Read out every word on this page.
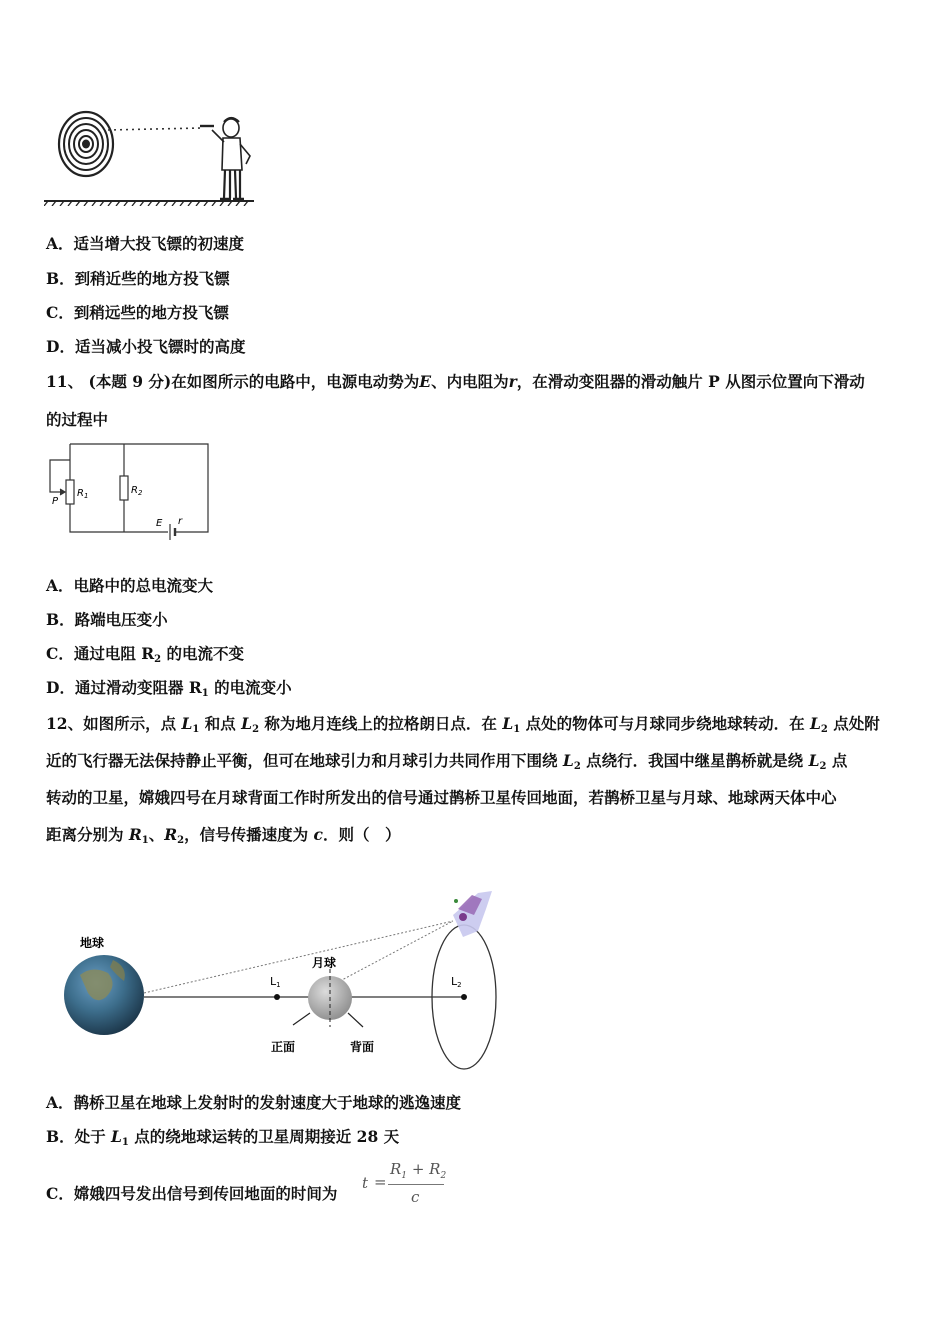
A．适当增大投飞镖的初速度
B．到稍近些的地方投飞镖
C．到稍远些的地方投飞镖
D．适当减小投飞镖时的高度
11、 (本题 9 分)在如图所示的电路中，电源电动势为E、内电阻为r，在滑动变阻器的滑动触片 P 从图示位置向下滑动
的过程中
P
$R_1$	$R_2$
E r
A．电路中的总电流变大
B．路端电压变小
C．通过电阻 $R_2$ 的电流不变
D．通过滑动变阻器 $R_1$ 的电流变小
12、如图所示，点 $L_1$ 和点 $L_2$ 称为地月连线上的拉格朗日点．在 $L_1$ 点处的物体可与月球同步绕地球转动．在 $L_2$ 点处附
近的飞行器无法保持静止平衡，但可在地球引力和月球引力共同作用下围绕 $L_2$ 点绕行．我国中继星鹊桥就是绕 $L_2$ 点
转动的卫星，嫦娥四号在月球背面工作时所发出的信号通过鹊桥卫星传回地面，若鹊桥卫星与月球、地球两天体中心
距离分别为 $R_1$、$R_2$，信号传播速度为 c．则（　）
地球
L1
月球
正面	背面
L2
A．鹊桥卫星在地球上发射时的发射速度大于地球的逃逸速度
B．处于 $L_1$ 点的绕地球运转的卫星周期接近 28 天
C．嫦娥四号发出信号到传回地面的时间为
t =
$R_1 + R_2$
c
